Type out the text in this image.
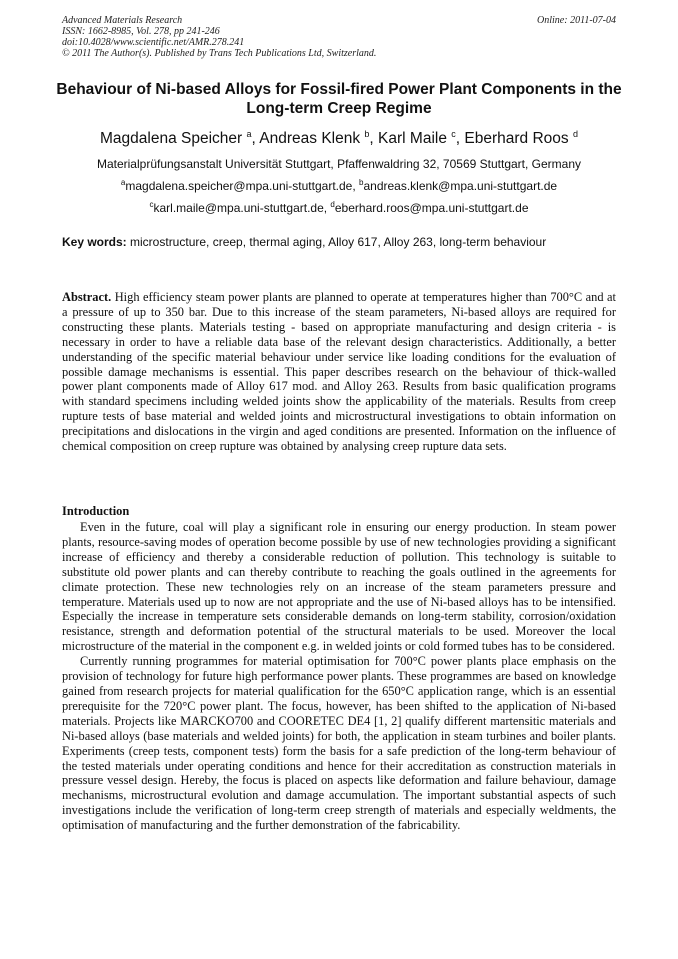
Advanced Materials Research	Online: 2011-07-04
ISSN: 1662-8985, Vol. 278, pp 241-246
doi:10.4028/www.scientific.net/AMR.278.241
© 2011 The Author(s). Published by Trans Tech Publications Ltd, Switzerland.
Behaviour of Ni-based Alloys for Fossil-fired Power Plant Components in the Long-term Creep Regime
Magdalena Speicher $^a$, Andreas Klenk $^b$, Karl Maile $^c$, Eberhard Roos $^d$
Materialprüfungsanstalt Universität Stuttgart, Pfaffenwaldring 32, 70569 Stuttgart, Germany
$^a$magdalena.speicher@mpa.uni-stuttgart.de, $^b$andreas.klenk@mpa.uni-stuttgart.de
$^c$karl.maile@mpa.uni-stuttgart.de, $^d$eberhard.roos@mpa.uni-stuttgart.de
Key words: microstructure, creep, thermal aging, Alloy 617, Alloy 263, long-term behaviour
Abstract. High efficiency steam power plants are planned to operate at temperatures higher than 700°C and at a pressure of up to 350 bar. Due to this increase of the steam parameters, Ni-based alloys are required for constructing these plants. Materials testing - based on appropriate manufacturing and design criteria - is necessary in order to have a reliable data base of the relevant design characteristics. Additionally, a better understanding of the specific material behaviour under service like loading conditions for the evaluation of possible damage mechanisms is essential. This paper describes research on the behaviour of thick-walled power plant components made of Alloy 617 mod. and Alloy 263. Results from basic qualification programs with standard specimens including welded joints show the applicability of the materials. Results from creep rupture tests of base material and welded joints and microstructural investigations to obtain information on precipitations and dislocations in the virgin and aged conditions are presented. Information on the influence of chemical composition on creep rupture was obtained by analysing creep rupture data sets.
Introduction

Even in the future, coal will play a significant role in ensuring our energy production. In steam power plants, resource-saving modes of operation become possible by use of new technologies providing a significant increase of efficiency and thereby a considerable reduction of pollution. This technology is suitable to substitute old power plants and can thereby contribute to reaching the goals outlined in the agreements for climate protection. These new technologies rely on an increase of the steam parameters pressure and temperature. Materials used up to now are not appropriate and the use of Ni-based alloys has to be intensified. Especially the increase in temperature sets considerable demands on long-term stability, corrosion/oxidation resistance, strength and deformation potential of the structural materials to be used. Moreover the local microstructure of the material in the component e.g. in welded joints or cold formed tubes has to be considered.

Currently running programmes for material optimisation for 700°C power plants place emphasis on the provision of technology for future high performance power plants. These programmes are based on knowledge gained from research projects for material qualification for the 650°C application range, which is an essential prerequisite for the 720°C power plant. The focus, however, has been shifted to the application of Ni-based materials. Projects like MARCKO700 and COORETEC DE4 [1, 2] qualify different martensitic materials and Ni-based alloys (base materials and welded joints) for both, the application in steam turbines and boiler plants. Experiments (creep tests, component tests) form the basis for a safe prediction of the long-term behaviour of the tested materials under operating conditions and hence for their accreditation as construction materials in pressure vessel design. Hereby, the focus is placed on aspects like deformation and failure behaviour, damage mechanisms, microstructural evolution and damage accumulation. The important substantial aspects of such investigations include the verification of long-term creep strength of materials and especially weldments, the optimisation of manufacturing and the further demonstration of the fabricability.
